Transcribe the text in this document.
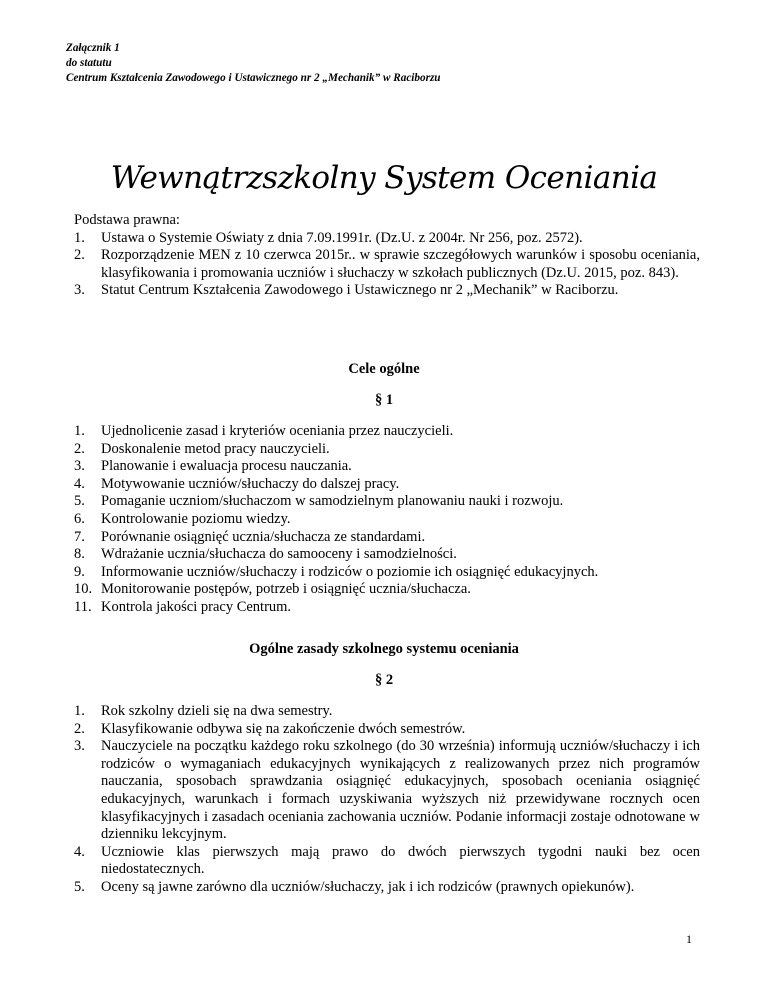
Załącznik 1
do statutu
Centrum Kształcenia Zawodowego i Ustawicznego nr 2 „Mechanik” w Raciborzu
Wewnątrzszkolny System Oceniania
Podstawa prawna:
1. Ustawa o Systemie Oświaty z dnia 7.09.1991r. (Dz.U. z 2004r. Nr 256, poz. 2572).
2. Rozporządzenie MEN z 10 czerwca 2015r.. w sprawie szczegółowych warunków i sposobu oceniania, klasyfikowania i promowania uczniów i słuchaczy w szkołach publicznych (Dz.U. 2015, poz. 843).
3. Statut Centrum Kształcenia Zawodowego i Ustawicznego nr 2 „Mechanik” w Raciborzu.
Cele ogólne
§ 1
1. Ujednolicenie zasad i kryteriów oceniania przez nauczycieli.
2. Doskonalenie metod pracy nauczycieli.
3. Planowanie i ewaluacja procesu nauczania.
4. Motywowanie uczniów/słuchaczy do dalszej pracy.
5. Pomaganie uczniom/słuchaczom w samodzielnym planowaniu nauki i rozwoju.
6. Kontrolowanie poziomu wiedzy.
7. Porównanie osiągnięć ucznia/słuchacza ze standardami.
8. Wdrażanie ucznia/słuchacza do samooceny i samodzielności.
9. Informowanie uczniów/słuchaczy i rodziców o poziomie ich osiągnięć edukacyjnych.
10. Monitorowanie postępów, potrzeb i osiągnięć ucznia/słuchacza.
11. Kontrola jakości pracy Centrum.
Ogólne zasady szkolnego systemu oceniania
§ 2
1. Rok szkolny dzieli się na dwa semestry.
2. Klasyfikowanie odbywa się na zakończenie dwóch semestrów.
3. Nauczyciele na początku każdego roku szkolnego (do 30 września) informują uczniów/słuchaczy i ich rodziców o wymaganiach edukacyjnych wynikających z realizowanych przez nich programów nauczania, sposobach sprawdzania osiągnięć edukacyjnych, sposobach oceniania osiągnięć edukacyjnych, warunkach i formach uzyskiwania wyższych niż przewidywane rocznych ocen klasyfikacyjnych i zasadach oceniania zachowania uczniów. Podanie informacji zostaje odnotowane w dzienniku lekcyjnym.
4. Uczniowie klas pierwszych mają prawo do dwóch pierwszych tygodni nauki bez ocen niedostatecznych.
5. Oceny są jawne zarówno dla uczniów/słuchaczy, jak i ich rodziców (prawnych opiekunów).
1
